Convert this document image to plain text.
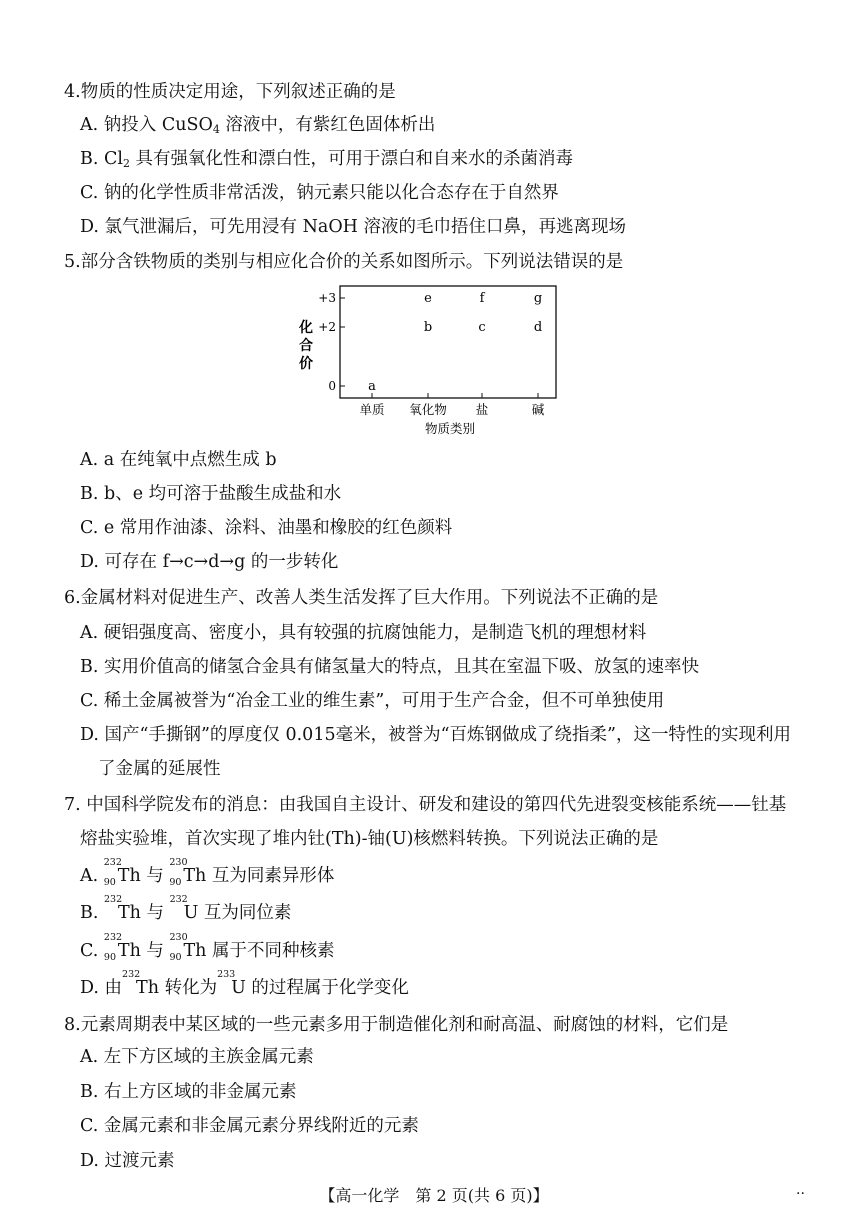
4.物质的性质决定用途，下列叙述正确的是
A. 钠投入 CuSO$_4$ 溶液中，有紫红色固体析出
B. $Cl_2$ 具有强氧化性和漂白性，可用于漂白和自来水的杀菌消毒
C. 钠的化学性质非常活泼，钠元素只能以化合态存在于自然界
D. 氯气泄漏后，可先用浸有 NaOH 溶液的毛巾捂住口鼻，再逃离现场
5.部分含铁物质的类别与相应化合价的关系如图所示。下列说法错误的是
+3
+2
0
化
合
价
单质 氧化物 盐	碱
物质类别
a
e	f	g
b	c	d
A. a 在纯氧中点燃生成 b
B. b、e 均可溶于盐酸生成盐和水
C. e 常用作油漆、涂料、油墨和橡胶的红色颜料
D. 可存在 f→c→d→g 的一步转化
6.金属材料对促进生产、改善人类生活发挥了巨大作用。下列说法不正确的是
A. 硬铝强度高、密度小，具有较强的抗腐蚀能力，是制造飞机的理想材料
B. 实用价值高的储氢合金具有储氢量大的特点，且其在室温下吸、放氢的速率快
C. 稀土金属被誉为“冶金工业的维生素”，可用于生产合金，但不可单独使用
D. 国产“手撕钢”的厚度仅 0.015毫米，被誉为“百炼钢做成了绕指柔”，这一特性的实现利用
了金属的延展性
7. 中国科学院发布的消息：由我国自主设计、研发和建设的第四代先进裂变核能系统——钍基
熔盐实验堆，首次实现了堆内钍(Th)-铀(U)核燃料转换。下列说法正确的是
A.
232
90 Th 与
230
90 Th 互为同素异形体
B.
232
Th 与
232
U 互为同位素
C.
232
90 Th 与
230
90 Th 属于不同种核素
D. 由
232
Th 转化为
233
U 的过程属于化学变化
8.元素周期表中某区域的一些元素多用于制造催化剂和耐高温、耐腐蚀的材料，它们是
A. 左下方区域的主族金属元素
B. 右上方区域的非金属元素
C. 金属元素和非金属元素分界线附近的元素
D. 过渡元素
【高一化学　第 2 页(共 6 页)】	..
